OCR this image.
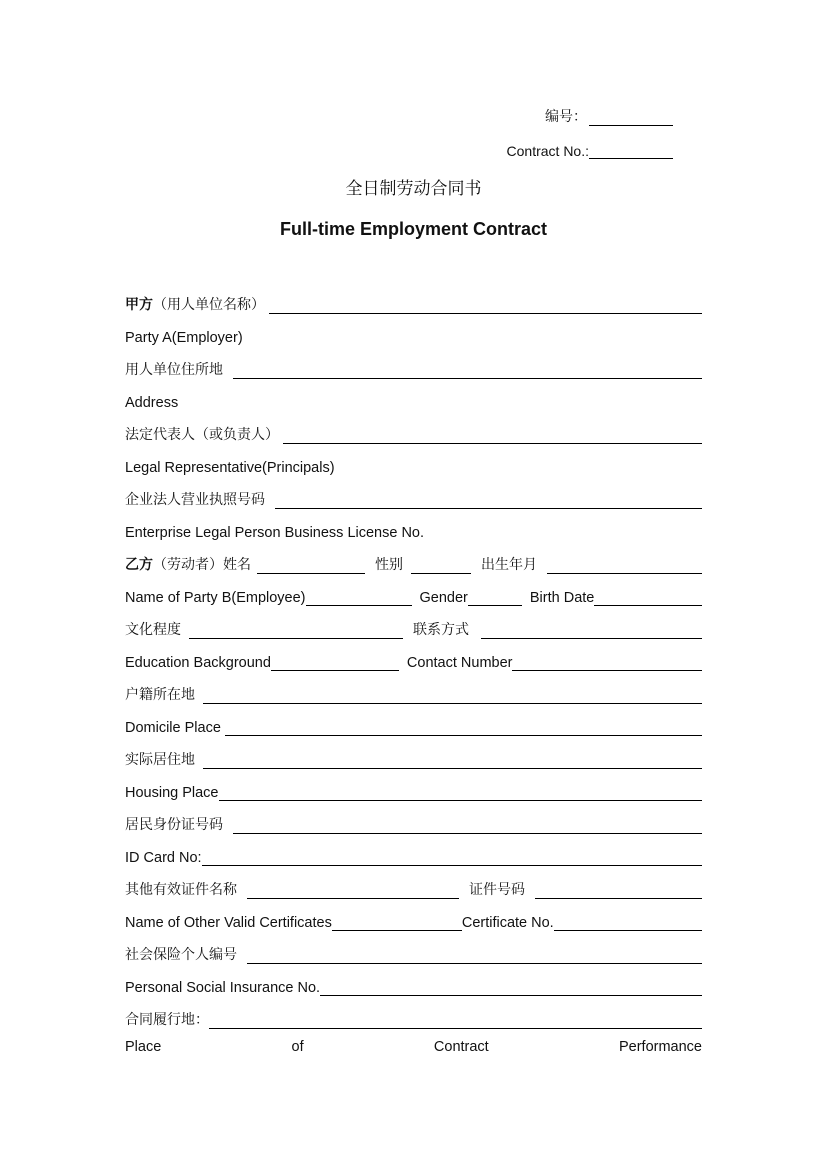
编号：
Contract No.:
全日制劳动合同书
Full-time Employment Contract
甲方 （用人单位名称）
Party A(Employer)
用人单位住所地
Address
法定代表人（或负责人）
Legal Representative(Principals)
企业法人营业执照号码
Enterprise Legal Person Business License No.
乙方 （劳动者）姓名	性别	出生年月
Name of Party B(Employee)	Gender	Birth Date
文化程度	联系方式
Education Background	Contact Number
户籍所在地
Domicile Place
实际居住地
Housing Place
居民身份证号码
ID Card No:
其他有效证件名称	证件号码
Name of Other Valid Certificates	Certificate No.
社会保险个人编号
Personal Social Insurance No.
合同履行地：
Place	of	Contract	Performance
